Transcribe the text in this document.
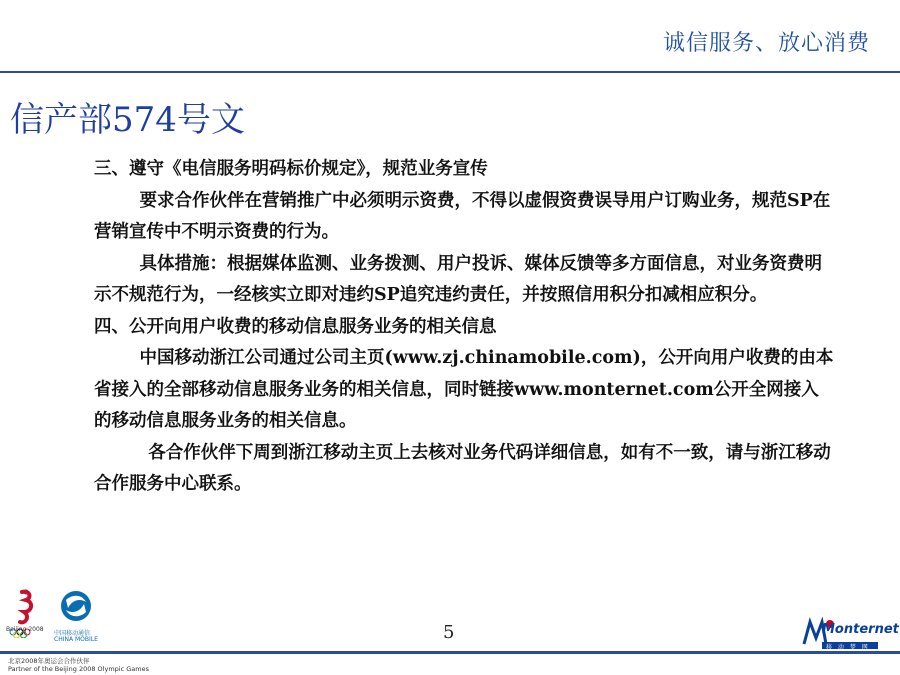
诚信服务、放心消费
信产部574号文

三、遵守《电信服务明码标价规定》，规范业务宣传

要求合作伙伴在营销推广中必须明示资费，不得以虚假资费误导用户订购业务，规范SP在营销宣传中不明示资费的行为。

具体措施：根据媒体监测、业务拨测、用户投诉、媒体反馈等多方面信息，对业务资费明示不规范行为，一经核实立即对违约SP追究违约责任，并按照信用积分扣减相应积分。

四、公开向用户收费的移动信息服务业务的相关信息

中国移动浙江公司通过公司主页(www.zj.chinamobile.com)，公开向用户收费的由本省接入的全部移动信息服务业务的相关信息，同时链接www.monternet.com公开全网接入的移动信息服务业务的相关信息。

各合作伙伴下周到浙江移动主页上去核对业务代码详细信息，如有不一致，请与浙江移动合作服务中心联系。

Beijing 2008
中国移动通信
CHINA MOBILE	5	Monternet
移 动 梦 网
北京2008年奥运会合作伙伴
Partner of the Beijing 2008 Olympic Games
